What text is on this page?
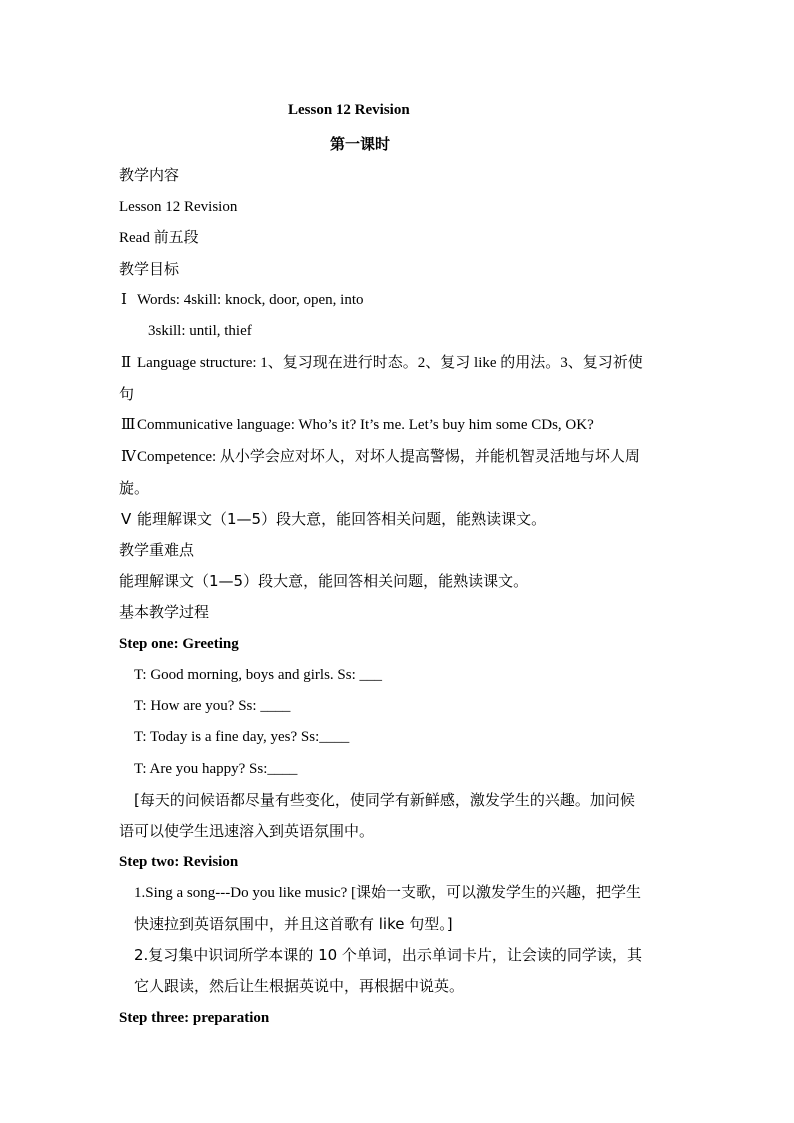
Lesson 12 Revision
第一课时
教学内容
Lesson 12 Revision
Read 前五段
教学目标
Ⅰ Words: 4skill: knock, door, open, into
3skill: until, thief
Ⅱ Language structure: 1、复习现在进行时态。2、复习 like 的用法。3、复习祈使
句
Ⅲ Communicative language: Who’s it? It’s me. Let’s buy him some CDs, OK?
ⅣCompetence: 从小学会应对坏人，对坏人提高警惕，并能机智灵活地与坏人周
旋。
Ⅴ 能理解课文（1—5）段大意，能回答相关问题，能熟读课文。
教学重难点
能理解课文（1—5）段大意，能回答相关问题，能熟读课文。
基本教学过程
Step one: Greeting
T: Good morning, boys and girls. Ss: ___
T: How are you? Ss: ____
T: Today is a fine day, yes? Ss:____
T: Are you happy? Ss:____
[每天的问候语都尽量有些变化，使同学有新鲜感，激发学生的兴趣。加问候
语可以使学生迅速溶入到英语氛围中。
Step two: Revision
1.Sing a song---Do you like music? [课始一支歌，可以激发学生的兴趣，把学生
快速拉到英语氛围中，并且这首歌有 like 句型。]
2.复习集中识词所学本课的 10 个单词，出示单词卡片，让会读的同学读，其
它人跟读，然后让生根据英说中，再根据中说英。
Step three: preparation
